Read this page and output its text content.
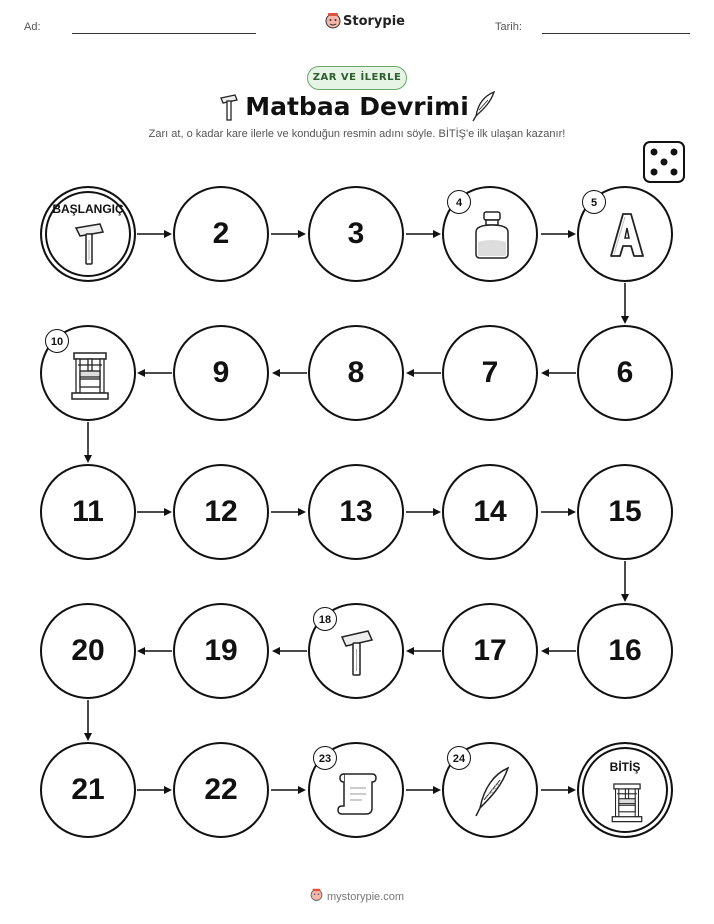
Ad:	Storypie	Tarih:
ZAR VE İLERLE
Matbaa Devrimi
Zarı at, o kadar kare ilerle ve konduğun resmin adını söyle. BİTİŞ'e ilk ulaşan kazanır!
BAŞLANGIÇ
2	3
4	5
10
9	8	7	6
11	12	13	14	15
20	19
18
17	16
21	22
23	24
BİTİŞ
mystorypie.com
